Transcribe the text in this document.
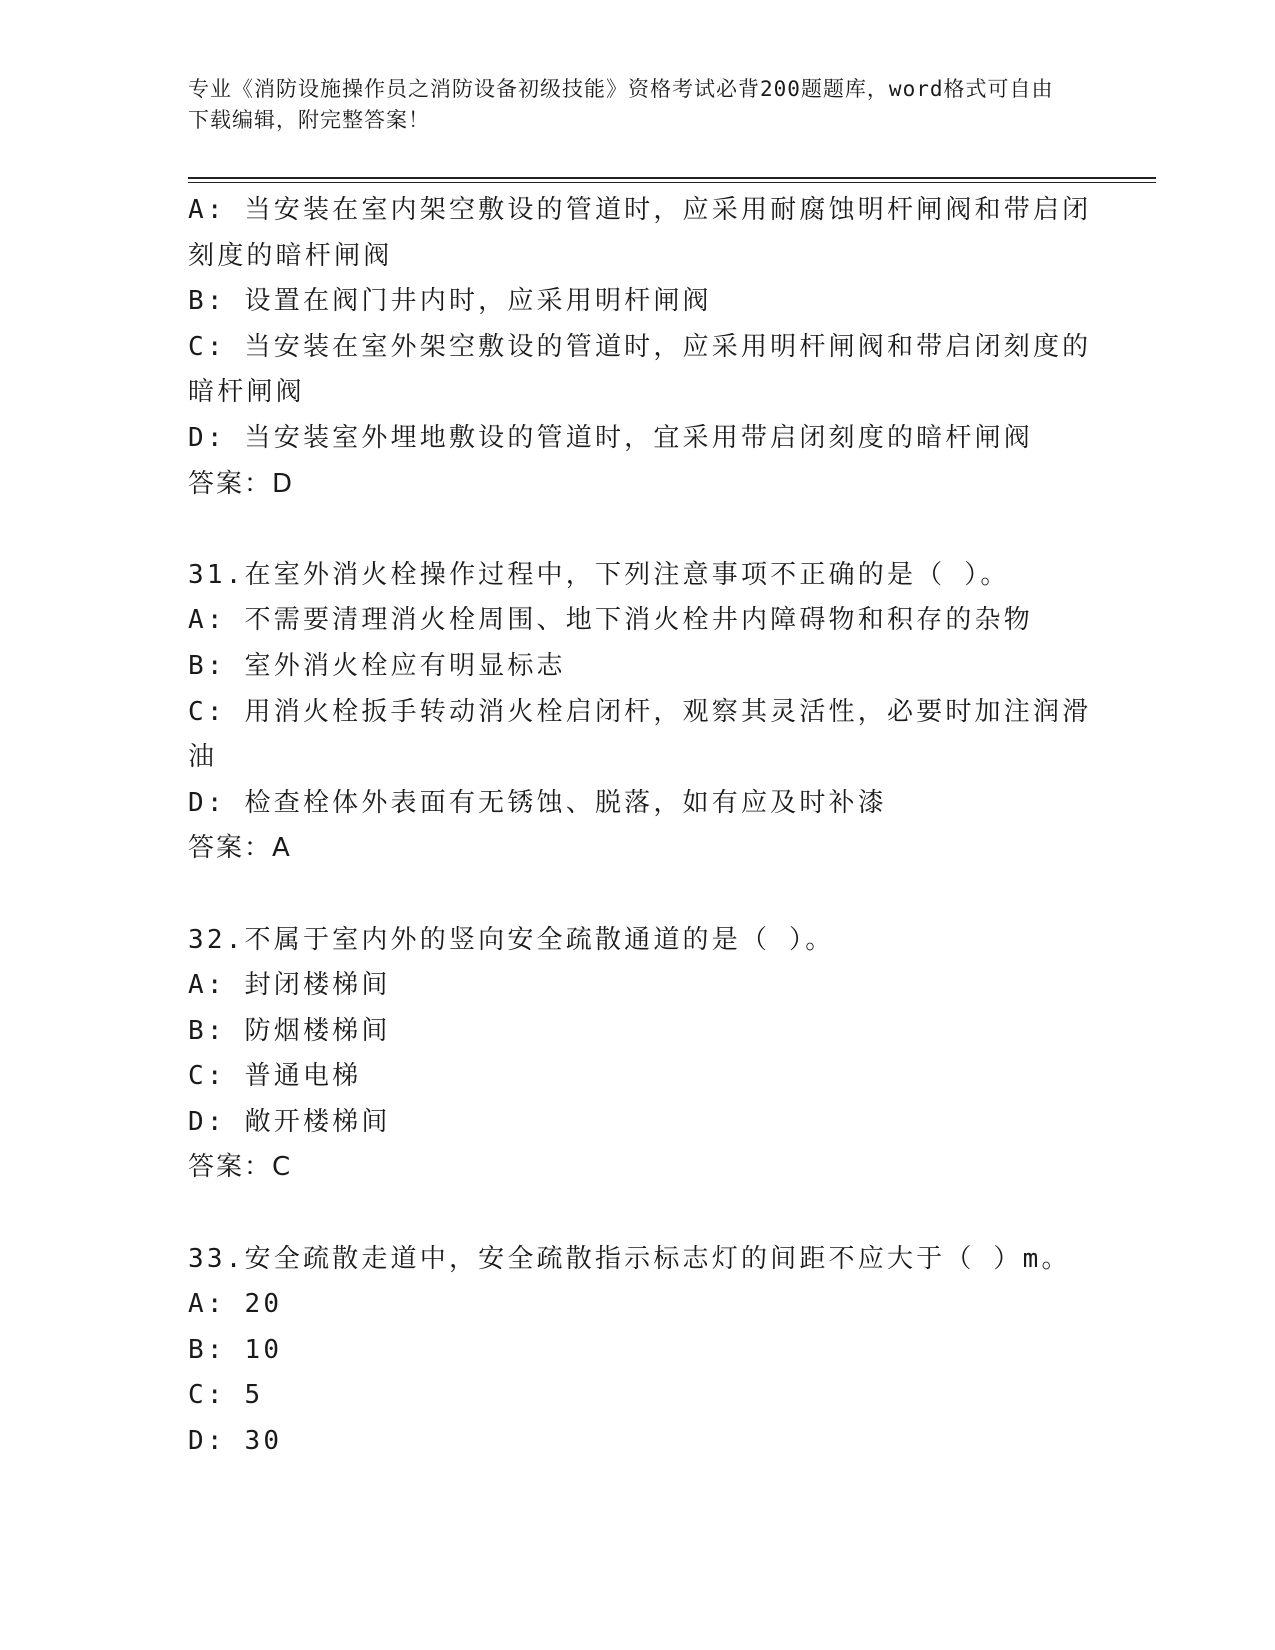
专业《消防设施操作员之消防设备初级技能》资格考试必背200题题库，word格式可自由下载编辑，附完整答案！
A: 当安装在室内架空敷设的管道时，应采用耐腐蚀明杆闸阀和带启闭
刻度的暗杆闸阀
B: 设置在阀门井内时，应采用明杆闸阀
C: 当安装在室外架空敷设的管道时，应采用明杆闸阀和带启闭刻度的
暗杆闸阀
D: 当安装室外埋地敷设的管道时，宜采用带启闭刻度的暗杆闸阀
答案：D
31.在室外消火栓操作过程中，下列注意事项不正确的是（ ）。
A: 不需要清理消火栓周围、地下消火栓井内障碍物和积存的杂物
B: 室外消火栓应有明显标志
C: 用消火栓扳手转动消火栓启闭杆，观察其灵活性，必要时加注润滑
油
D: 检查栓体外表面有无锈蚀、脱落，如有应及时补漆
答案：A
32.不属于室内外的竖向安全疏散通道的是（ ）。
A: 封闭楼梯间
B: 防烟楼梯间
C: 普通电梯
D: 敞开楼梯间
答案：C
33.安全疏散走道中，安全疏散指示标志灯的间距不应大于（ ）m。
A: 20
B: 10
C: 5
D: 30
